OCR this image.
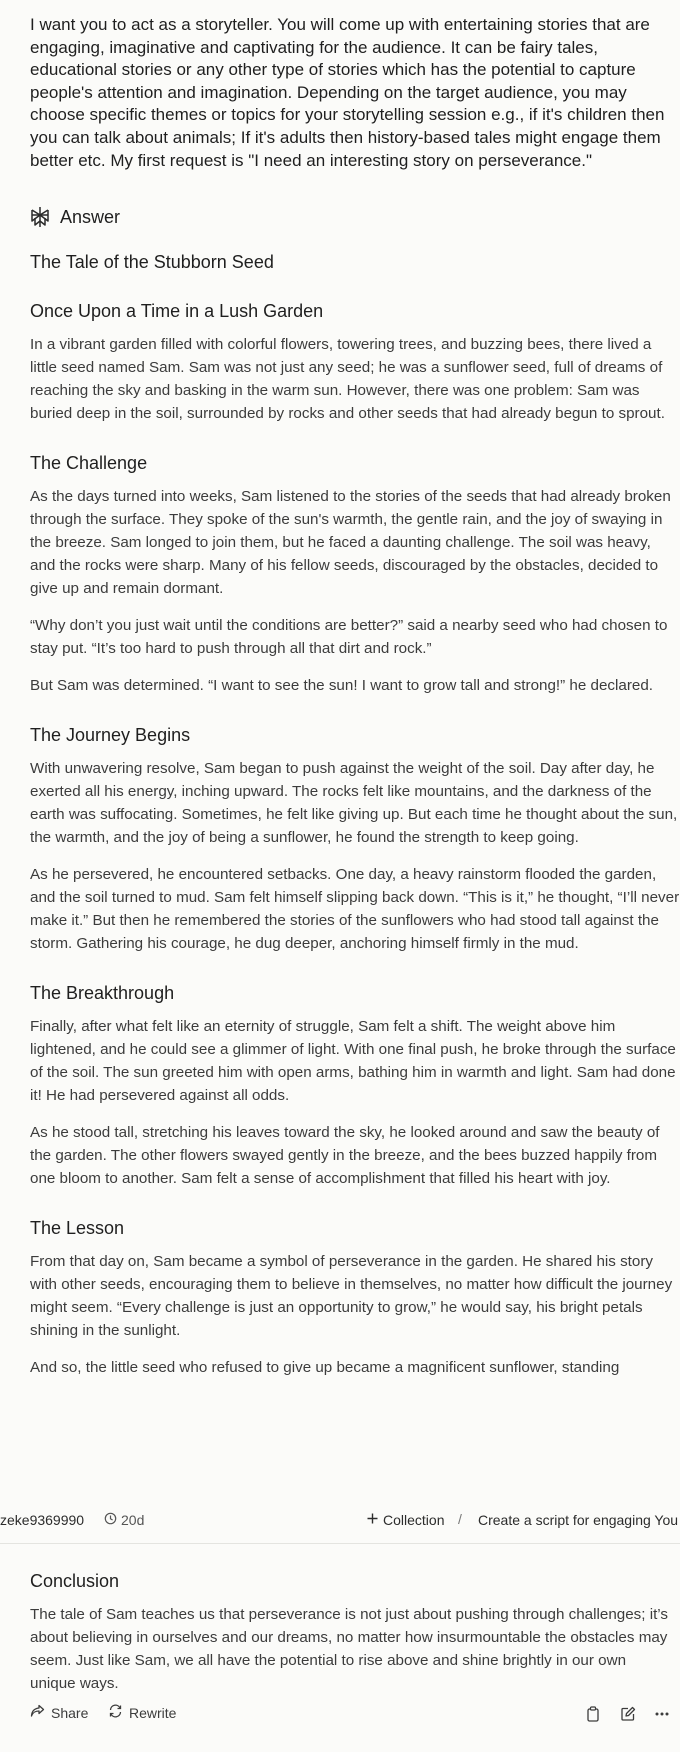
I want you to act as a storyteller. You will come up with entertaining stories that are engaging, imaginative and captivating for the audience. It can be fairy tales, educational stories or any other type of stories which has the potential to capture people's attention and imagination. Depending on the target audience, you may choose specific themes or topics for your storytelling session e.g., if it's children then you can talk about animals; If it's adults then history-based tales might engage them better etc. My first request is "I need an interesting story on perseverance."
Answer
The Tale of the Stubborn Seed
Once Upon a Time in a Lush Garden

In a vibrant garden filled with colorful flowers, towering trees, and buzzing bees, there lived a little seed named Sam. Sam was not just any seed; he was a sunflower seed, full of dreams of reaching the sky and basking in the warm sun. However, there was one problem: Sam was buried deep in the soil, surrounded by rocks and other seeds that had already begun to sprout.

The Challenge

As the days turned into weeks, Sam listened to the stories of the seeds that had already broken through the surface. They spoke of the sun's warmth, the gentle rain, and the joy of swaying in the breeze. Sam longed to join them, but he faced a daunting challenge. The soil was heavy, and the rocks were sharp. Many of his fellow seeds, discouraged by the obstacles, decided to give up and remain dormant.

“Why don’t you just wait until the conditions are better?” said a nearby seed who had chosen to stay put. “It’s too hard to push through all that dirt and rock.”

But Sam was determined. “I want to see the sun! I want to grow tall and strong!” he declared.

The Journey Begins

With unwavering resolve, Sam began to push against the weight of the soil. Day after day, he exerted all his energy, inching upward. The rocks felt like mountains, and the darkness of the earth was suffocating. Sometimes, he felt like giving up. But each time he thought about the sun, the warmth, and the joy of being a sunflower, he found the strength to keep going.

As he persevered, he encountered setbacks. One day, a heavy rainstorm flooded the garden, and the soil turned to mud. Sam felt himself slipping back down. “This is it,” he thought, “I’ll never make it.” But then he remembered the stories of the sunflowers who had stood tall against the storm. Gathering his courage, he dug deeper, anchoring himself firmly in the mud.

The Breakthrough

Finally, after what felt like an eternity of struggle, Sam felt a shift. The weight above him lightened, and he could see a glimmer of light. With one final push, he broke through the surface of the soil. The sun greeted him with open arms, bathing him in warmth and light. Sam had done it! He had persevered against all odds.

As he stood tall, stretching his leaves toward the sky, he looked around and saw the beauty of the garden. The other flowers swayed gently in the breeze, and the bees buzzed happily from one bloom to another. Sam felt a sense of accomplishment that filled his heart with joy.

The Lesson

From that day on, Sam became a symbol of perseverance in the garden. He shared his story with other seeds, encouraging them to believe in themselves, no matter how difficult the journey might seem. “Every challenge is just an opportunity to grow,” he would say, his bright petals shining in the sunlight.

And so, the little seed who refused to give up became a magnificent sunflower, standing

zeke9369990	20d	Collection / Create a script for engaging You
Conclusion

The tale of Sam teaches us that perseverance is not just about pushing through challenges; it’s about believing in ourselves and our dreams, no matter how insurmountable the obstacles may seem. Just like Sam, we all have the potential to rise above and shine brightly in our own unique ways.

Share	Rewrite
